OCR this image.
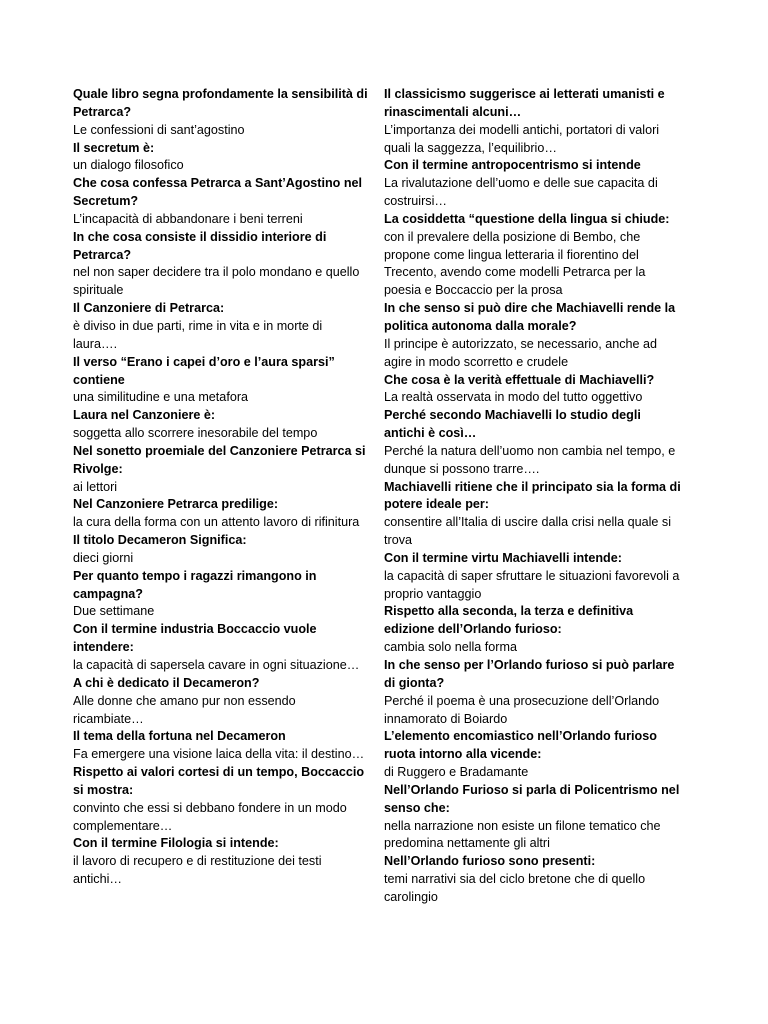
Quale libro segna profondamente la sensibilità di Petrarca?

Le confessioni di sant’agostino

Il secretum è:

un dialogo filosofico

Che cosa confessa Petrarca a Sant’Agostino nel Secretum?

L’incapacità di abbandonare i beni terreni

In che cosa consiste il dissidio interiore di Petrarca?

nel non saper decidere tra il polo mondano e quello spirituale

Il Canzoniere di Petrarca:

è diviso in due parti, rime in vita e in morte di laura….

Il verso “Erano i capei d’oro e l’aura sparsi” contiene

una similitudine e una metafora

Laura nel Canzoniere è:

soggetta allo scorrere inesorabile del tempo

Nel sonetto proemiale del Canzoniere Petrarca si Rivolge:

ai lettori

Nel Canzoniere Petrarca predilige:

la cura della forma con un attento lavoro di rifinitura

Il titolo Decameron Significa:

dieci giorni

Per quanto tempo i ragazzi rimangono in campagna?

Due settimane

Con il termine industria Boccaccio vuole intendere:

la capacità di sapersela cavare in ogni situazione…

A chi è dedicato il Decameron?

Alle donne che amano pur non essendo ricambiate…

Il tema della fortuna nel Decameron

Fa emergere una visione laica della vita: il destino…

Rispetto ai valori cortesi di un tempo, Boccaccio si mostra:

convinto che essi si debbano fondere in un modo complementare…

Con il termine Filologia si intende:

il lavoro di recupero e di restituzione dei testi antichi…

Il classicismo suggerisce ai letterati umanisti e rinascimentali alcuni…

L’importanza dei modelli antichi, portatori di valori quali la saggezza, l’equilibrio…

Con il termine antropocentrismo si intende

La rivalutazione dell’uomo e delle sue capacita di costruirsi…

La cosiddetta “questione della lingua si chiude:

con il prevalere della posizione di Bembo, che propone come lingua letteraria il fiorentino del Trecento, avendo come modelli Petrarca per la poesia e Boccaccio per la prosa

In che senso si può dire che Machiavelli rende la politica autonoma dalla morale?

Il principe è autorizzato, se necessario, anche ad agire in modo scorretto e crudele

Che cosa è la verità effettuale di Machiavelli?

La realtà osservata in modo del tutto oggettivo

Perché secondo Machiavelli lo studio degli antichi è così…

Perché la natura dell’uomo non cambia nel tempo, e dunque si possono trarre….

Machiavelli ritiene che il principato sia la forma di potere ideale per:

consentire all’Italia di uscire dalla crisi nella quale si trova

Con il termine virtu Machiavelli intende:

la capacità di saper sfruttare le situazioni favorevoli a proprio vantaggio

Rispetto alla seconda, la terza e definitiva edizione dell’Orlando furioso:

cambia solo nella forma

In che senso per l’Orlando furioso si può parlare di gionta?

Perché il poema è una prosecuzione dell’Orlando innamorato di Boiardo

L’elemento encomiastico nell’Orlando furioso ruota intorno alla vicende:

di Ruggero e Bradamante

Nell’Orlando Furioso si parla di Policentrismo nel senso che:

nella narrazione non esiste un filone tematico che predomina nettamente gli altri

Nell’Orlando furioso sono presenti:

temi narrativi sia del ciclo bretone che di quello carolingio
